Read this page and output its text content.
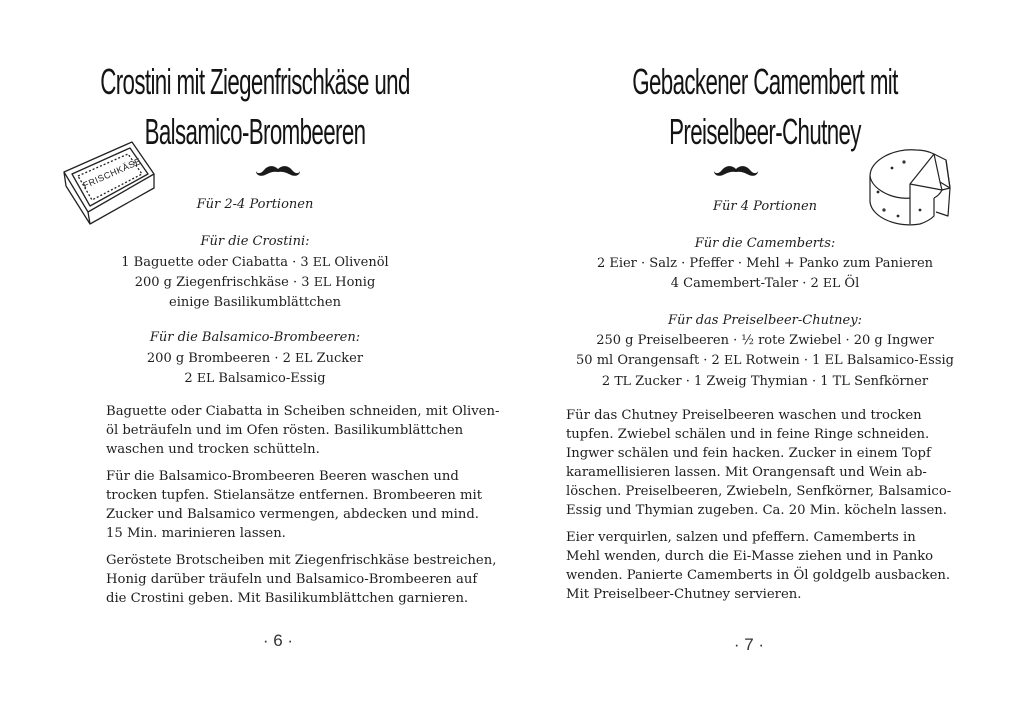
Crostini mit Ziegenfrischkäse und
Balsamico-Brombeeren
FRISCHKÄSE
Für 2-4 Portionen
Für die Crostini:
1 Baguette oder Ciabatta · 3 EL Olivenöl
200 g Ziegenfrischkäse · 3 EL Honig
einige Basilikumblättchen
Für die Balsamico-Brombeeren:
200 g Brombeeren · 2 EL Zucker
2 EL Balsamico-Essig

Baguette oder Ciabatta in Scheiben schneiden, mit Oliven-
öl beträufeln und im Ofen rösten. Basilikumblättchen
waschen und trocken schütteln.

Für die Balsamico-Brombeeren Beeren waschen und
trocken tupfen. Stielansätze entfernen. Brombeeren mit
Zucker und Balsamico vermengen, abdecken und mind.
15 Min. marinieren lassen.

Geröstete Brotscheiben mit Ziegenfrischkäse bestreichen,
Honig darüber träufeln und Balsamico-Brombeeren auf
die Crostini geben. Mit Basilikumblättchen garnieren.

· 6 ·
Gebackener Camembert mit
Preiselbeer-Chutney
Für 4 Portionen
Für die Camemberts:
2 Eier · Salz · Pfeffer · Mehl + Panko zum Panieren
4 Camembert-Taler · 2 EL Öl
Für das Preiselbeer-Chutney:
250 g Preiselbeeren · ½ rote Zwiebel · 20 g Ingwer
50 ml Orangensaft · 2 EL Rotwein · 1 EL Balsamico-Essig
2 TL Zucker · 1 Zweig Thymian · 1 TL Senfkörner

Für das Chutney Preiselbeeren waschen und trocken
tupfen. Zwiebel schälen und in feine Ringe schneiden.
Ingwer schälen und fein hacken. Zucker in einem Topf
karamellisieren lassen. Mit Orangensaft und Wein ab-
löschen. Preiselbeeren, Zwiebeln, Senfkörner, Balsamico-
Essig und Thymian zugeben. Ca. 20 Min. köcheln lassen.

Eier verquirlen, salzen und pfeffern. Camemberts in
Mehl wenden, durch die Ei-Masse ziehen und in Panko
wenden. Panierte Camemberts in Öl goldgelb ausbacken.
Mit Preiselbeer-Chutney servieren.

· 7 ·
